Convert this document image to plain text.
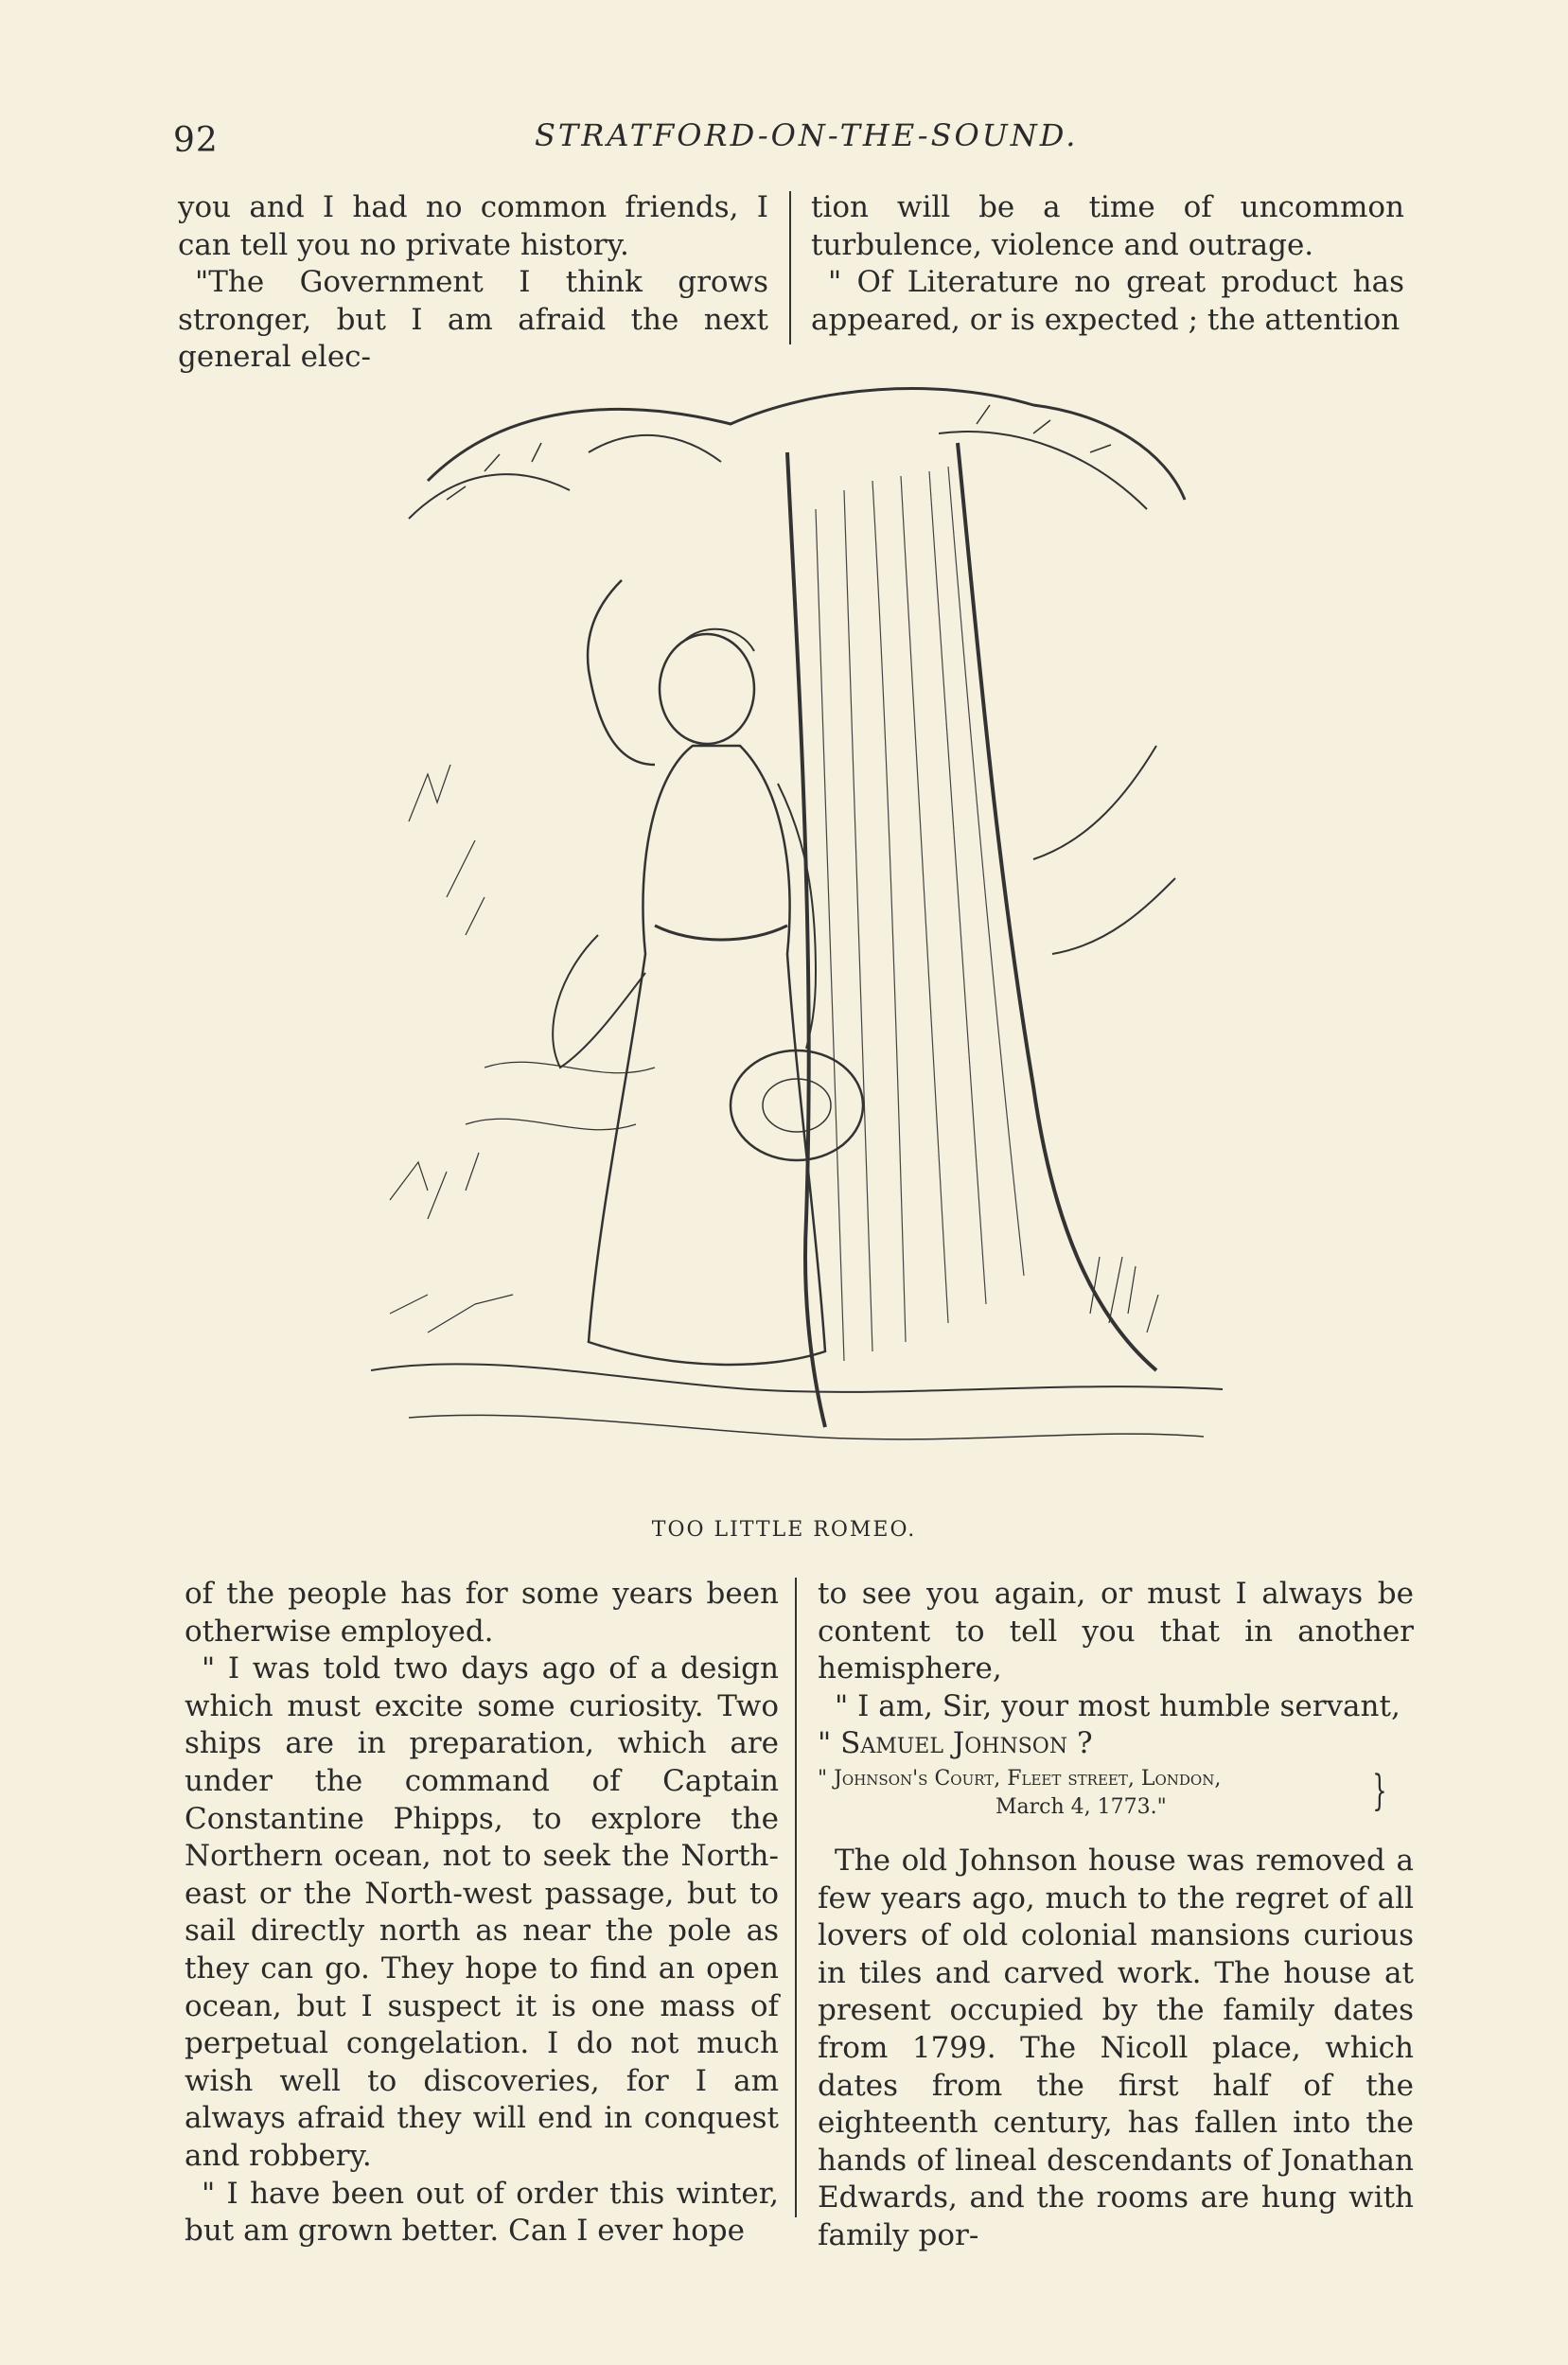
92	STRATFORD-ON-THE-SOUND.

you and I had no common friends, I can tell you no private history.

"The Government I think grows stronger, but I am afraid the next general elec-

tion will be a time of uncommon turbulence, violence and outrage.

" Of Literature no great product has appeared, or is expected ; the attention

TOO LITTLE ROMEO.

of the people has for some years been otherwise employed.

" I was told two days ago of a design which must excite some curiosity. Two ships are in preparation, which are under the command of Captain Constantine Phipps, to explore the Northern ocean, not to seek the North-east or the North-west passage, but to sail directly north as near the pole as they can go. They hope to find an open ocean, but I suspect it is one mass of perpetual congelation. I do not much wish well to discoveries, for I am always afraid they will end in conquest and robbery.

" I have been out of order this winter, but am grown better. Can I ever hope

to see you again, or must I always be content to tell you that in another hemisphere,

" I am, Sir, your most humble servant,

" Samuel Johnson ?

" Johnson's Court, Fleet street, London,
March 4, 1773."	}

The old Johnson house was removed a few years ago, much to the regret of all lovers of old colonial mansions curious in tiles and carved work. The house at present occupied by the family dates from 1799. The Nicoll place, which dates from the first half of the eighteenth century, has fallen into the hands of lineal descendants of Jonathan Edwards, and the rooms are hung with family por-
